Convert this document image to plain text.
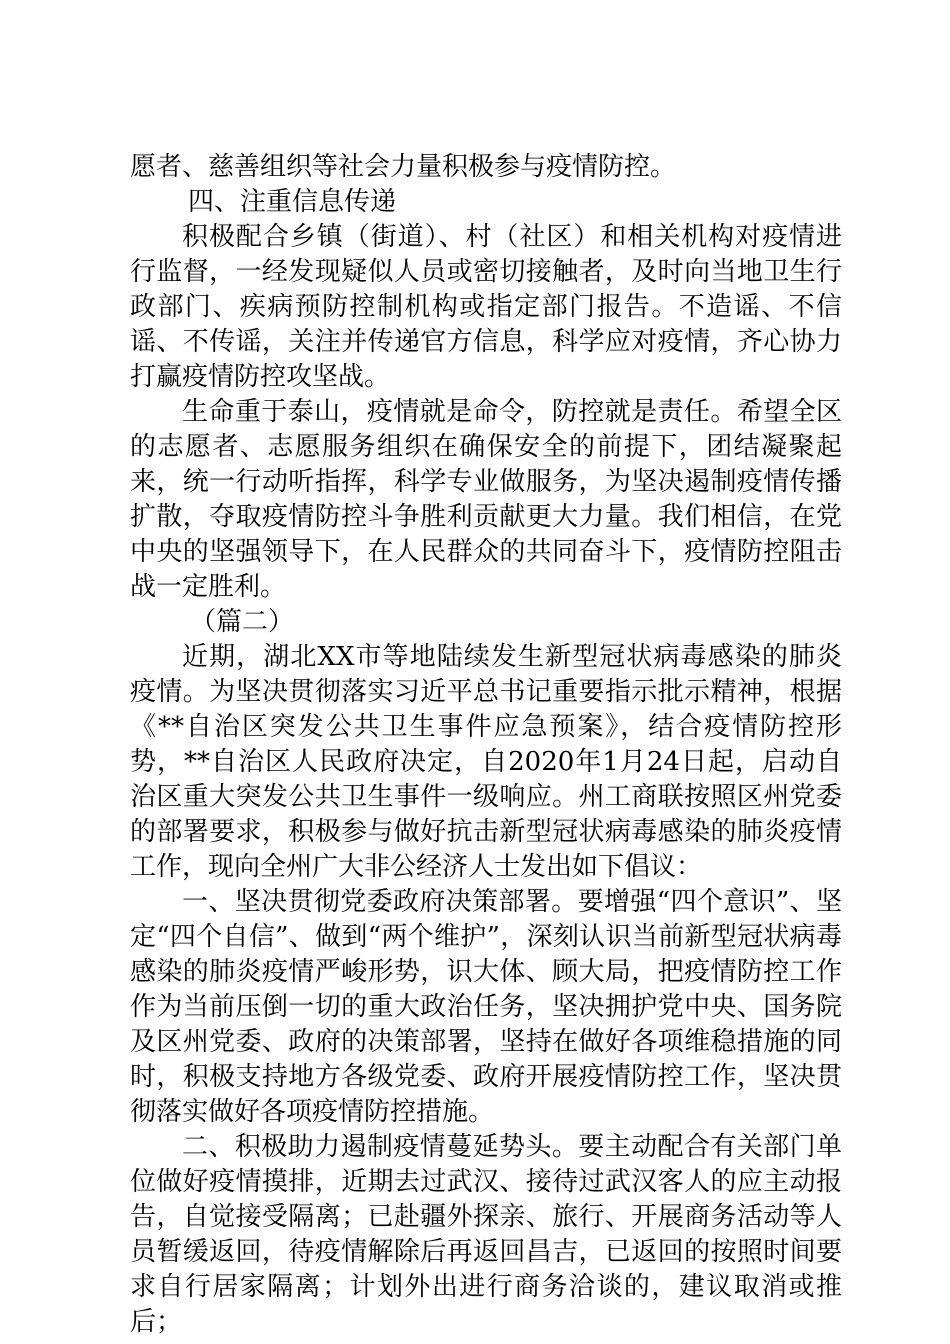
愿者、慈善组织等社会力量积极参与疫情防控。

四、注重信息传递

积极配合乡镇（街道）、村（社区）和相关机构对疫情进行监督，一经发现疑似人员或密切接触者，及时向当地卫生行政部门、疾病预防控制机构或指定部门报告。不造谣、不信谣、不传谣，关注并传递官方信息，科学应对疫情，齐心协力打赢疫情防控攻坚战。

生命重于泰山，疫情就是命令，防控就是责任。希望全区的志愿者、志愿服务组织在确保安全的前提下，团结凝聚起来，统一行动听指挥，科学专业做服务，为坚决遏制疫情传播扩散，夺取疫情防控斗争胜利贡献更大力量。我们相信，在党中央的坚强领导下，在人民群众的共同奋斗下，疫情防控阻击战一定胜利。

（篇二）

近期，湖北XX市等地陆续发生新型冠状病毒感染的肺炎疫情。为坚决贯彻落实习近平总书记重要指示批示精神，根据《**自治区突发公共卫生事件应急预案》，结合疫情防控形势，**自治区人民政府决定，自2020年1月24日起，启动自治区重大突发公共卫生事件一级响应。州工商联按照区州党委的部署要求，积极参与做好抗击新型冠状病毒感染的肺炎疫情工作，现向全州广大非公经济人士发出如下倡议：

一、坚决贯彻党委政府决策部署。要增强“四个意识”、坚定“四个自信”、做到“两个维护”，深刻认识当前新型冠状病毒感染的肺炎疫情严峻形势，识大体、顾大局，把疫情防控工作作为当前压倒一切的重大政治任务，坚决拥护党中央、国务院及区州党委、政府的决策部署，坚持在做好各项维稳措施的同时，积极支持地方各级党委、政府开展疫情防控工作，坚决贯彻落实做好各项疫情防控措施。

二、积极助力遏制疫情蔓延势头。要主动配合有关部门单位做好疫情摸排，近期去过武汉、接待过武汉客人的应主动报告，自觉接受隔离；已赴疆外探亲、旅行、开展商务活动等人员暂缓返回，待疫情解除后再返回昌吉，已返回的按照时间要求自行居家隔离；计划外出进行商务洽谈的，建议取消或推后；
